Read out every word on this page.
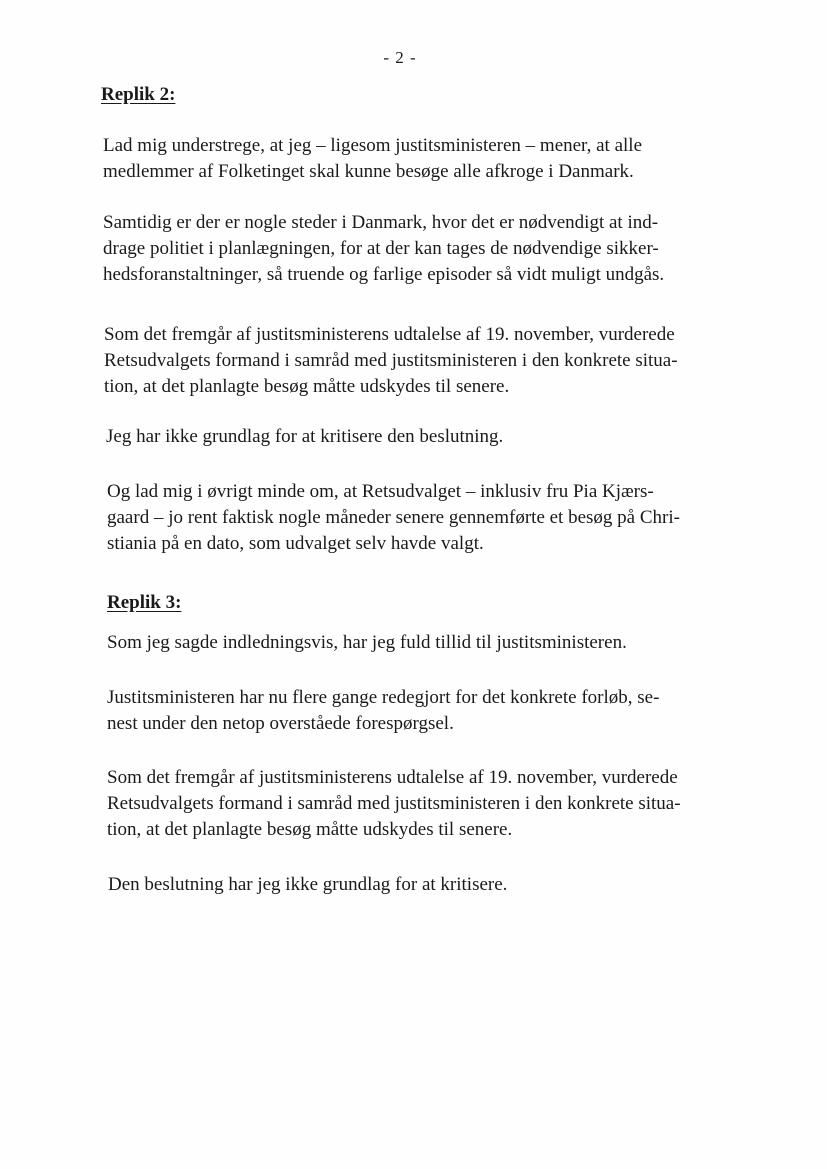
- 2 -
Replik 2:
Lad mig understrege, at jeg – ligesom justitsministeren – mener, at alle
medlemmer af Folketinget skal kunne besøge alle afkroge i Danmark.
Samtidig er der er nogle steder i Danmark, hvor det er nødvendigt at ind-
drage politiet i planlægningen, for at der kan tages de nødvendige sikker-
hedsforanstaltninger, så truende og farlige episoder så vidt muligt undgås.
Som det fremgår af justitsministerens udtalelse af 19. november, vurderede
Retsudvalgets formand i samråd med justitsministeren i den konkrete situa-
tion, at det planlagte besøg måtte udskydes til senere.
Jeg har ikke grundlag for at kritisere den beslutning.
Og lad mig i øvrigt minde om, at Retsudvalget – inklusiv fru Pia Kjærs-
gaard – jo rent faktisk nogle måneder senere gennemførte et besøg på Chri-
stiania på en dato, som udvalget selv havde valgt.
Replik 3:
Som jeg sagde indledningsvis, har jeg fuld tillid til justitsministeren.
Justitsministeren har nu flere gange redegjort for det konkrete forløb, se-
nest under den netop overståede forespørgsel.
Som det fremgår af justitsministerens udtalelse af 19. november, vurderede
Retsudvalgets formand i samråd med justitsministeren i den konkrete situa-
tion, at det planlagte besøg måtte udskydes til senere.
Den beslutning har jeg ikke grundlag for at kritisere.
